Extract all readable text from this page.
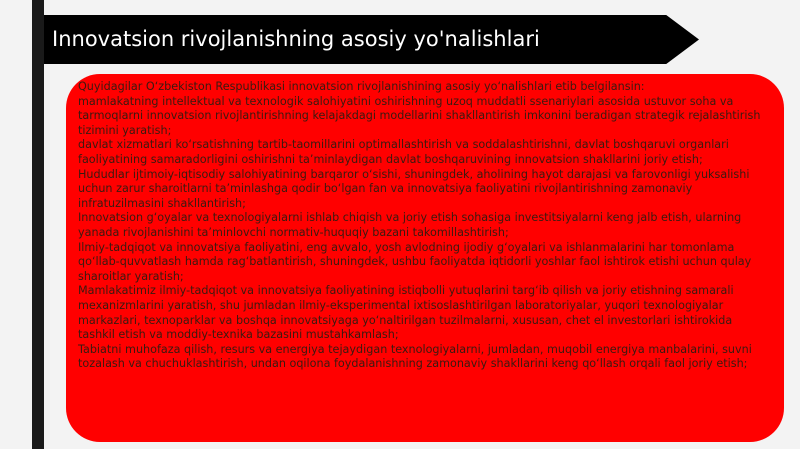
Innovatsion rivojlanishning asosiy yo'nalishlari

Quyidagilar O‘zbekiston Respublikasi innovatsion rivojlanishining asosiy yo‘nalishlari etib belgilansin:

mamlakatning intellektual va texnologik salohiyatini oshirishning uzoq muddatli ssenariylari asosida ustuvor soha va tarmoqlarni innovatsion rivojlantirishning kelajakdagi modellarini shakllantirish imkonini beradigan strategik rejalashtirish tizimini yaratish;

davlat xizmatlari ko‘rsatishning tartib-taomillarini optimallashtirish va soddalashtirishni, davlat boshqaruvi organlari faoliyatining samaradorligini oshirishni ta’minlaydigan davlat boshqaruvining innovatsion shakllarini joriy etish;

Hududlar ijtimoiy-iqtisodiy salohiyatining barqaror o‘sishi, shuningdek, aholining hayot darajasi va farovonligi yuksalishi uchun zarur sharoitlarni ta’minlashga qodir bo‘lgan fan va innovatsiya faoliyatini rivojlantirishning zamonaviy infratuzilmasini shakllantirish;

Innovatsion g‘oyalar va texnologiyalarni ishlab chiqish va joriy etish sohasiga investitsiyalarni keng jalb etish, ularning yanada rivojlanishini ta’minlovchi normativ-huquqiy bazani takomillashtirish;

Ilmiy-tadqiqot va innovatsiya faoliyatini, eng avvalo, yosh avlodning ijodiy g‘oyalari va ishlanmalarini har tomonlama qo‘llab-quvvatlash hamda rag‘batlantirish, shuningdek, ushbu faoliyatda iqtidorli yoshlar faol ishtirok etishi uchun qulay sharoitlar yaratish;

Mamlakatimiz ilmiy-tadqiqot va innovatsiya faoliyatining istiqbolli yutuqlarini targ‘ib qilish va joriy etishning samarali mexanizmlarini yaratish, shu jumladan ilmiy-eksperimental ixtisoslashtirilgan laboratoriyalar, yuqori texnologiyalar markazlari, texnoparklar va boshqa innovatsiyaga yo‘naltirilgan tuzilmalarni, xususan, chet el investorlari ishtirokida tashkil etish va moddiy-texnika bazasini mustahkamlash;

Tabiatni muhofaza qilish, resurs va energiya tejaydigan texnologiyalarni, jumladan, muqobil energiya manbalarini, suvni tozalash va chuchuklashtirish, undan oqilona foydalanishning zamonaviy shakllarini keng qo‘llash orqali faol joriy etish;
